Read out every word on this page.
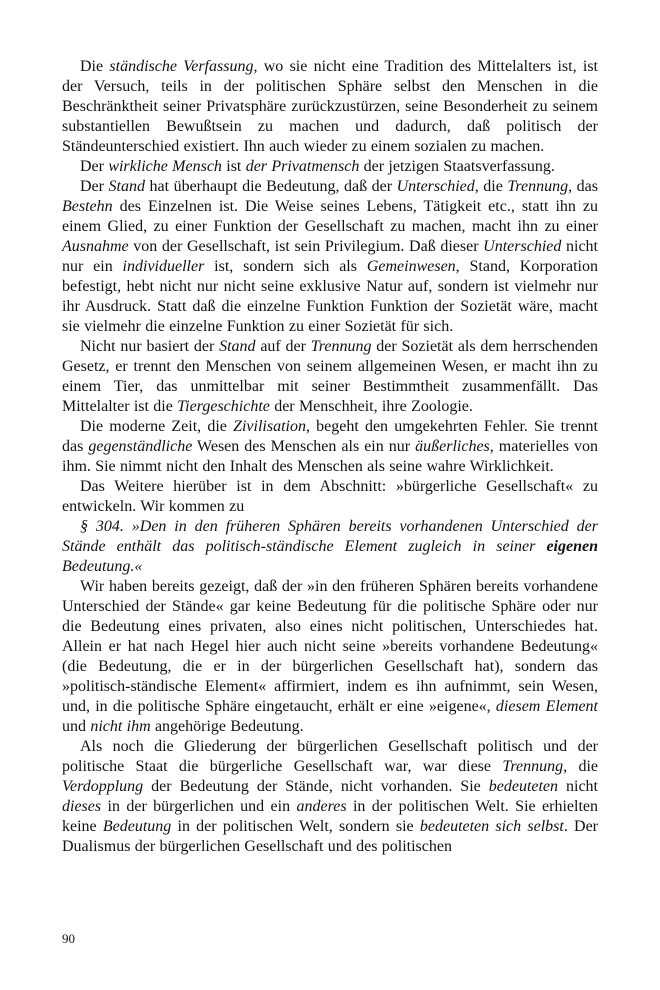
Die ständische Verfassung, wo sie nicht eine Tradition des Mittelalters ist, ist der Versuch, teils in der politischen Sphäre selbst den Menschen in die Beschränktheit seiner Privatsphäre zurückzustürzen, seine Besonderheit zu seinem substantiellen Bewußtsein zu machen und dadurch, daß politisch der Ständeunterschied existiert. Ihn auch wieder zu einem sozialen zu machen.

Der wirkliche Mensch ist der Privatmensch der jetzigen Staatsverfassung.

Der Stand hat überhaupt die Bedeutung, daß der Unterschied, die Trennung, das Bestehn des Einzelnen ist. Die Weise seines Lebens, Tätigkeit etc., statt ihn zu einem Glied, zu einer Funktion der Gesellschaft zu machen, macht ihn zu einer Ausnahme von der Gesellschaft, ist sein Privilegium. Daß dieser Unterschied nicht nur ein individueller ist, sondern sich als Gemeinwesen, Stand, Korporation befestigt, hebt nicht nur nicht seine exklusive Natur auf, sondern ist vielmehr nur ihr Ausdruck. Statt daß die einzelne Funktion Funktion der Sozietät wäre, macht sie vielmehr die einzelne Funktion zu einer Sozietät für sich.

Nicht nur basiert der Stand auf der Trennung der Sozietät als dem herrschenden Gesetz, er trennt den Menschen von seinem allgemeinen Wesen, er macht ihn zu einem Tier, das unmittelbar mit seiner Bestimmtheit zusammenfällt. Das Mittelalter ist die Tiergeschichte der Menschheit, ihre Zoologie.

Die moderne Zeit, die Zivilisation, begeht den umgekehrten Fehler. Sie trennt das gegenständliche Wesen des Menschen als ein nur äußerliches, materielles von ihm. Sie nimmt nicht den Inhalt des Menschen als seine wahre Wirklichkeit.

Das Weitere hierüber ist in dem Abschnitt: »bürgerliche Gesellschaft« zu entwickeln. Wir kommen zu

§ 304. »Den in den früheren Sphären bereits vorhandenen Unterschied der Stände enthält das politisch-ständische Element zugleich in seiner eigenen Bedeutung.«

Wir haben bereits gezeigt, daß der »in den früheren Sphären bereits vorhandene Unterschied der Stände« gar keine Bedeutung für die politische Sphäre oder nur die Bedeutung eines privaten, also eines nicht politischen, Unterschiedes hat. Allein er hat nach Hegel hier auch nicht seine »bereits vorhandene Bedeutung« (die Bedeutung, die er in der bürgerlichen Gesellschaft hat), sondern das »politisch-ständische Element« affirmiert, indem es ihn aufnimmt, sein Wesen, und, in die politische Sphäre eingetaucht, erhält er eine »eigene«, diesem Element und nicht ihm angehörige Bedeutung.

Als noch die Gliederung der bürgerlichen Gesellschaft politisch und der politische Staat die bürgerliche Gesellschaft war, war diese Trennung, die Verdopplung der Bedeutung der Stände, nicht vorhanden. Sie bedeuteten nicht dieses in der bürgerlichen und ein anderes in der politischen Welt. Sie erhielten keine Bedeutung in der politischen Welt, sondern sie bedeuteten sich selbst. Der Dualismus der bürgerlichen Gesellschaft und des politischen

90
